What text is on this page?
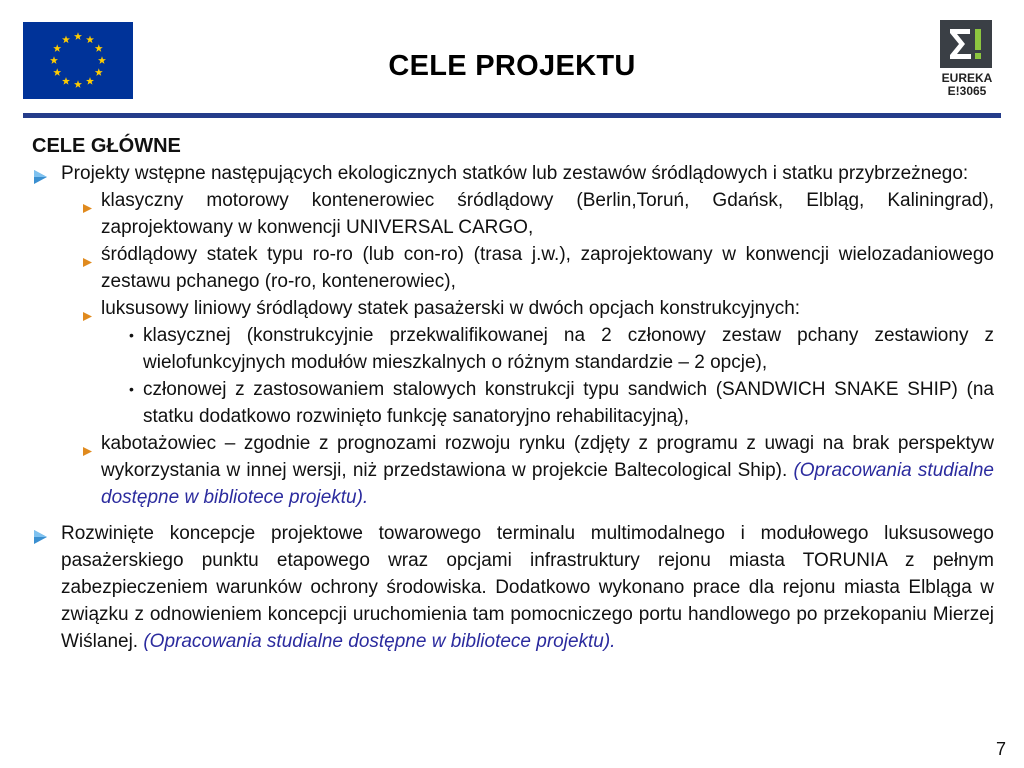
CELE PROJEKTU	EUREKA
E!3065
CELE GŁÓWNE
Projekty wstępne następujących ekologicznych statków lub zestawów śródlądowych i statku przybrzeżnego:
klasyczny motorowy kontenerowiec śródlądowy (Berlin,Toruń, Gdańsk, Elbląg, Kaliningrad), zaprojektowany w konwencji UNIVERSAL CARGO,
śródlądowy statek typu ro-ro (lub con-ro) (trasa j.w.), zaprojektowany w konwencji wielozadaniowego zestawu pchanego (ro-ro, kontenerowiec),
luksusowy liniowy śródlądowy statek pasażerski w dwóch opcjach konstrukcyjnych:
• klasycznej (konstrukcyjnie przekwalifikowanej na 2 członowy zestaw pchany zestawiony z wielofunkcyjnych modułów mieszkalnych o różnym standardzie – 2 opcje),
• członowej z zastosowaniem stalowych konstrukcji typu sandwich (SANDWICH SNAKE SHIP) (na statku dodatkowo rozwinięto funkcję sanatoryjno rehabilitacyjną),
kabotażowiec – zgodnie z prognozami rozwoju rynku (zdjęty z programu z uwagi na brak perspektyw wykorzystania w innej wersji, niż przedstawiona w projekcie Baltecological Ship). (Opracowania studialne dostępne w bibliotece projektu).
Rozwinięte koncepcje projektowe towarowego terminalu multimodalnego i modułowego luksusowego pasażerskiego punktu etapowego wraz opcjami infrastruktury rejonu miasta TORUNIA z pełnym zabezpieczeniem warunków ochrony środowiska. Dodatkowo wykonano prace dla rejonu miasta Elbląga w związku z odnowieniem koncepcji uruchomienia tam pomocniczego portu handlowego po przekopaniu Mierzej Wiślanej. (Opracowania studialne dostępne w bibliotece projektu).
7
